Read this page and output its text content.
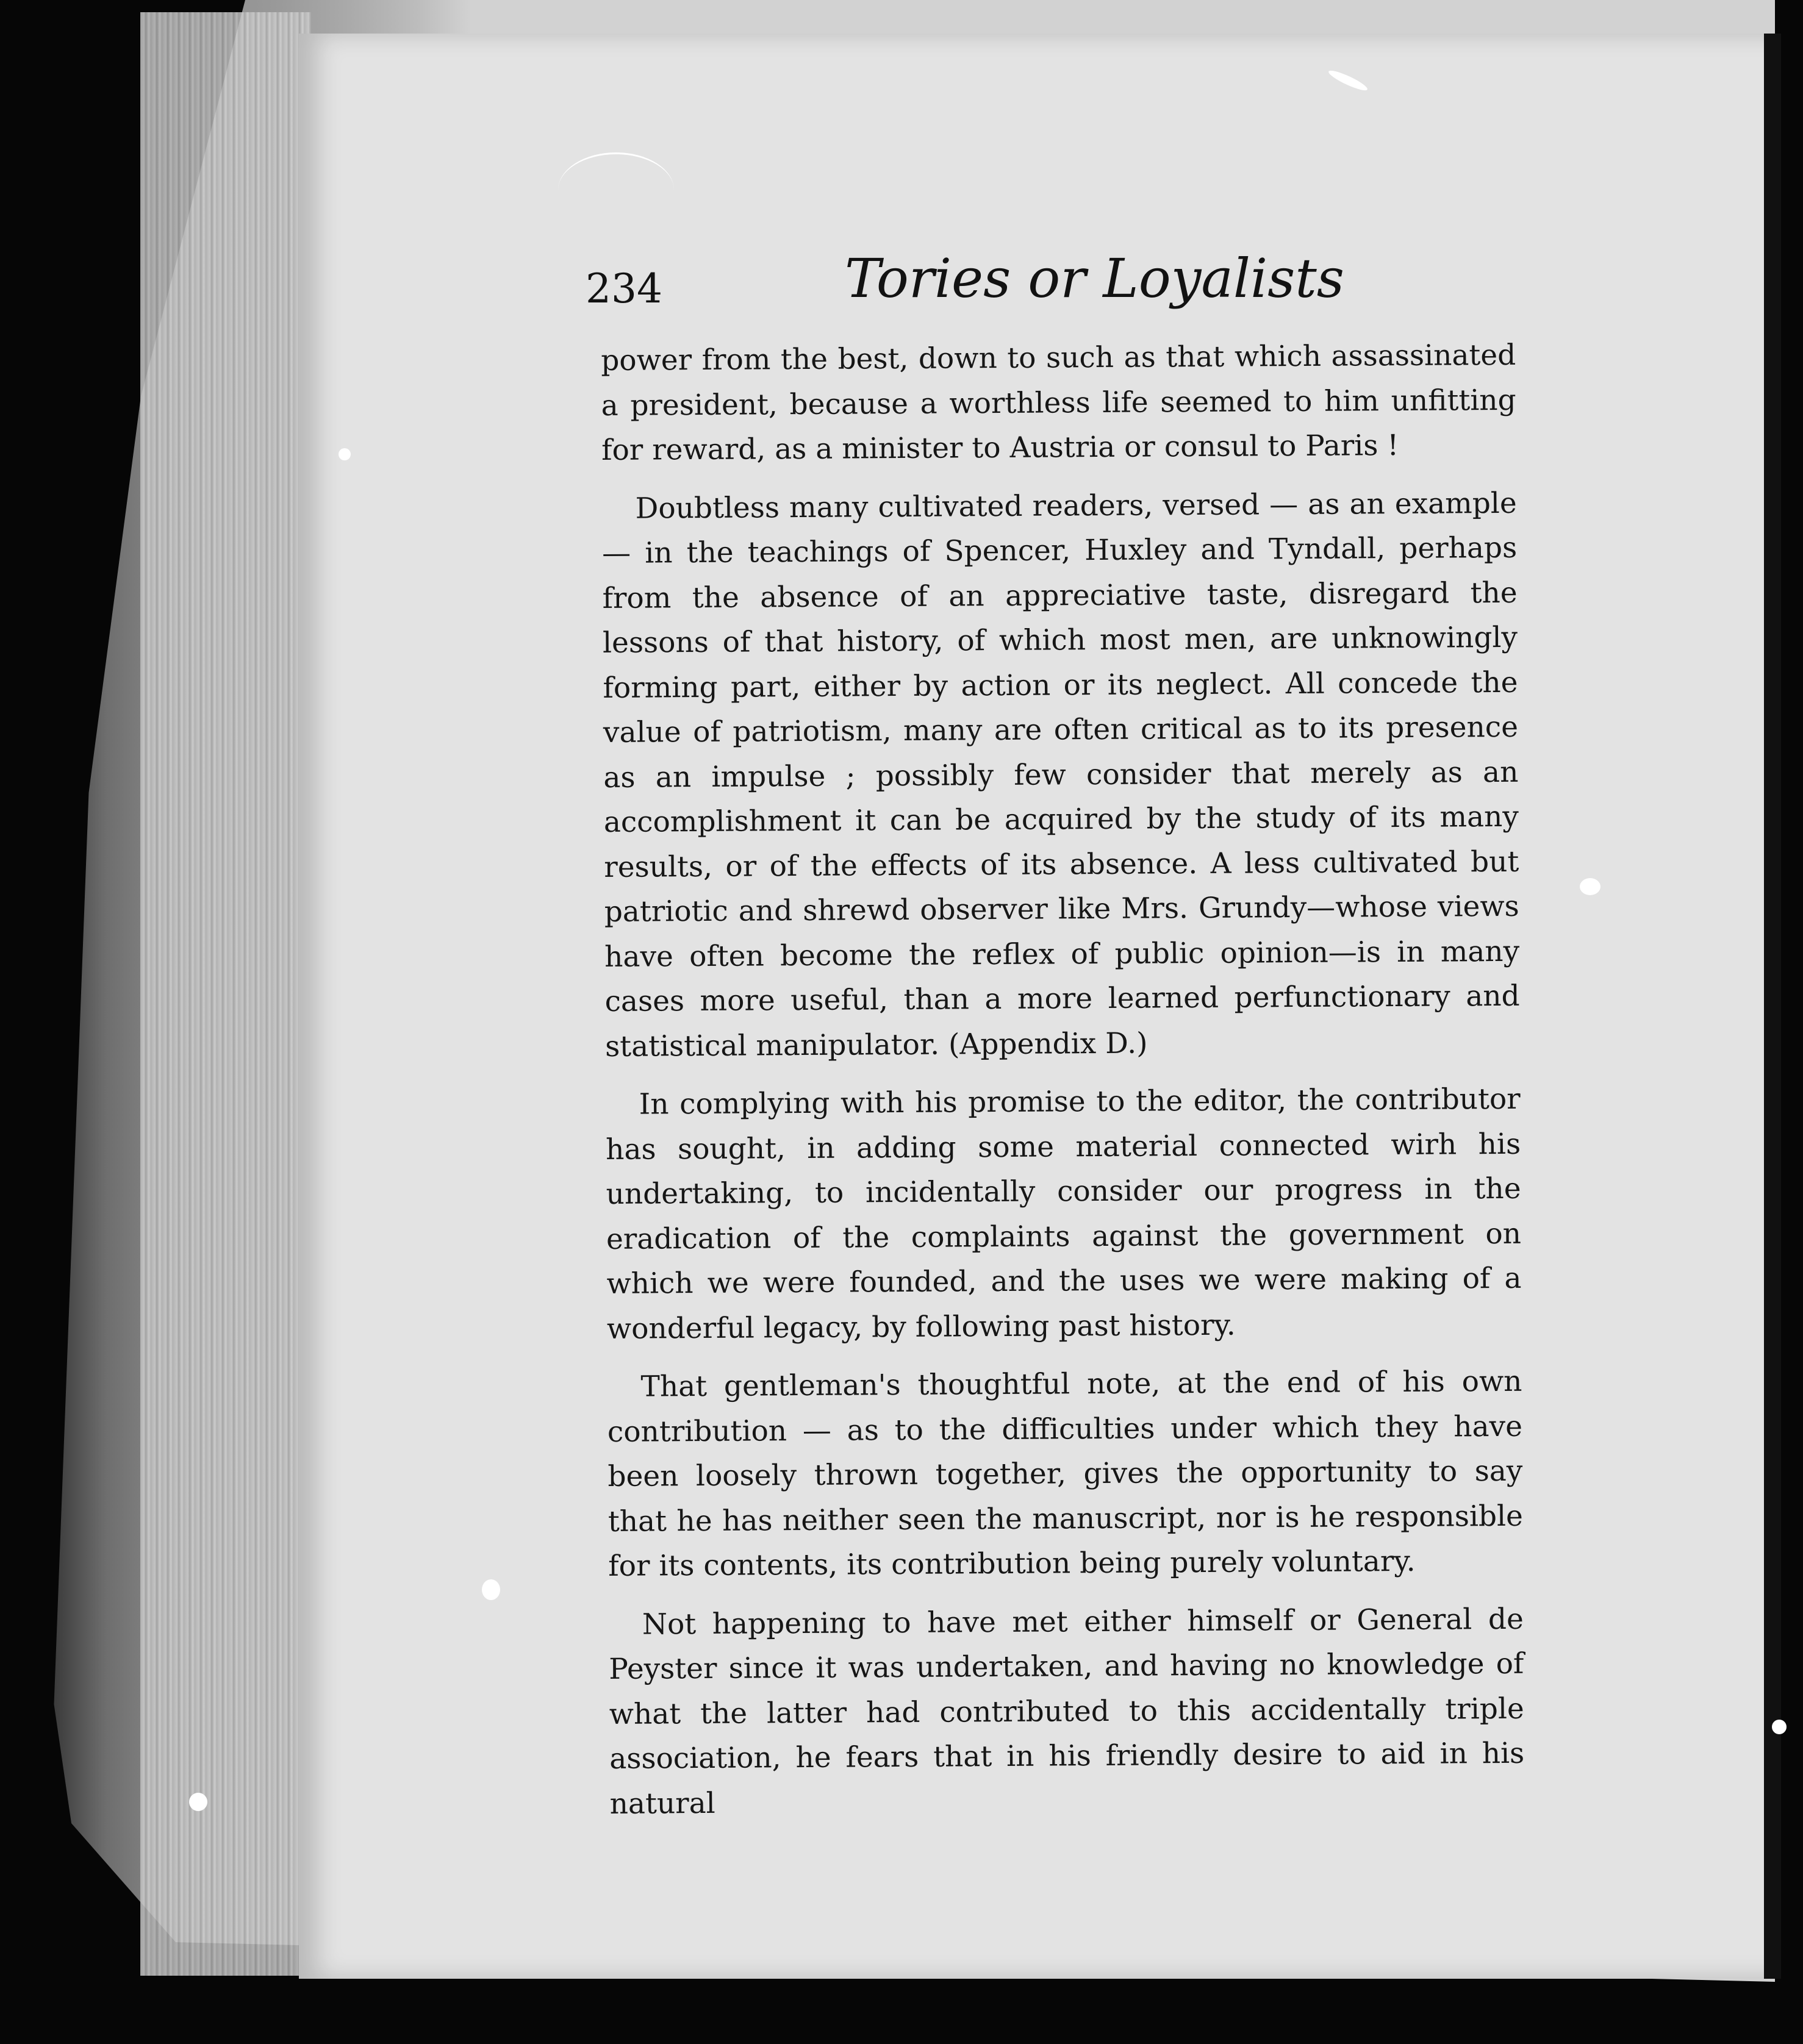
234	Tories or Loyalists

power from the best, down to such as that which assassinated a president, because a worthless life seemed to him unfitting for reward, as a minister to Austria or consul to Paris !

Doubtless many cultivated readers, versed — as an example — in the teachings of Spencer, Huxley and Tyndall, perhaps from the absence of an appreciative taste, disregard the lessons of that history, of which most men, are unknowingly forming part, either by action or its neglect. All concede the value of patriotism, many are often critical as to its presence as an impulse ; possibly few consider that merely as an accomplishment it can be acquired by the study of its many results, or of the effects of its absence. A less cultivated but patriotic and shrewd observer like Mrs. Grundy—whose views have often become the reflex of public opinion—is in many cases more useful, than a more learned perfunctionary and statistical manipulator. (Appendix D.)

In complying with his promise to the editor, the contributor has sought, in adding some material connected wirh his undertaking, to incidentally consider our progress in the eradication of the complaints against the government on which we were founded, and the uses we were making of a wonderful legacy, by following past history.

That gentleman's thoughtful note, at the end of his own contribution — as to the difficulties under which they have been loosely thrown together, gives the opportunity to say that he has neither seen the manuscript, nor is he responsible for its contents, its contribution being purely voluntary.

Not happening to have met either himself or General de Peyster since it was undertaken, and having no knowledge of what the latter had contributed to this accidentally triple association, he fears that in his friendly desire to aid in his natural
